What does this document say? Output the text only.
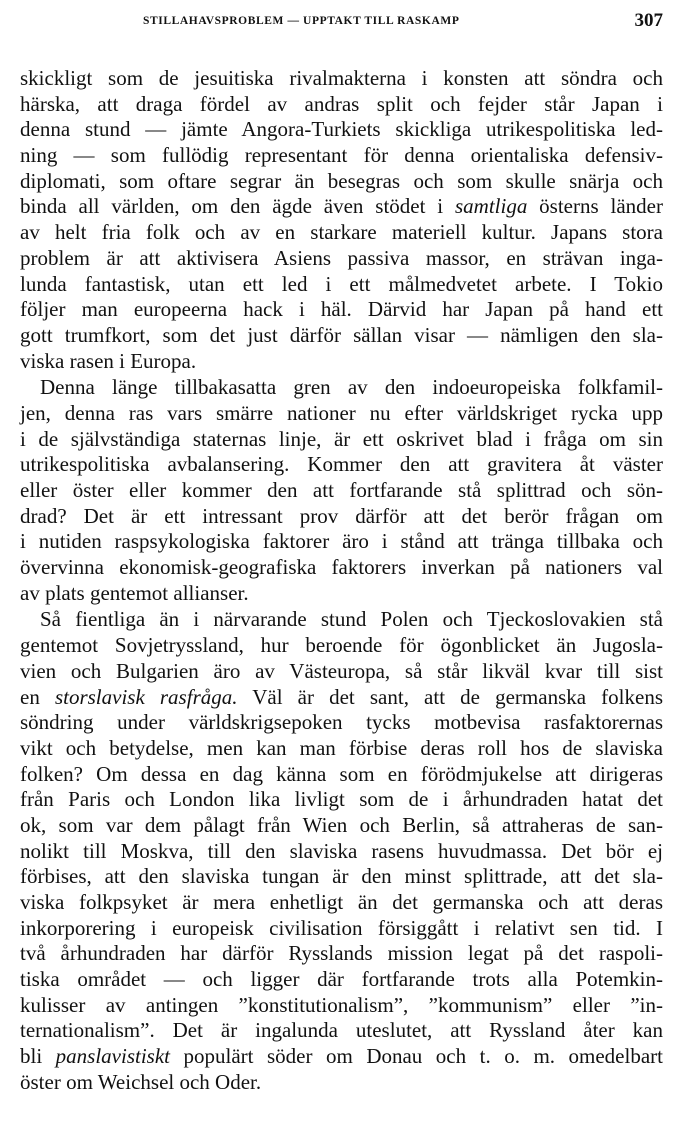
STILLAHAVSPROBLEM — UPPTAKT TILL RASKAMP	307
skickligt som de jesuitiska rivalmakterna i konsten att söndra och
härska, att draga fördel av andras split och fejder står Japan i
denna stund — jämte Angora-Turkiets skickliga utrikespolitiska led-
ning — som fullödig representant för denna orientaliska defensiv-
diplomati, som oftare segrar än besegras och som skulle snärja och
binda all världen, om den ägde även stödet i samtliga österns länder
av helt fria folk och av en starkare materiell kultur. Japans stora
problem är att aktivisera Asiens passiva massor, en strävan inga-
lunda fantastisk, utan ett led i ett målmedvetet arbete. I Tokio
följer man europeerna hack i häl. Därvid har Japan på hand ett
gott trumfkort, som det just därför sällan visar — nämligen den sla-
viska rasen i Europa.
Denna länge tillbakasatta gren av den indoeuropeiska folkfamil-
jen, denna ras vars smärre nationer nu efter världskriget rycka upp
i de självständiga staternas linje, är ett oskrivet blad i fråga om sin
utrikespolitiska avbalansering. Kommer den att gravitera åt väster
eller öster eller kommer den att fortfarande stå splittrad och sön-
drad? Det är ett intressant prov därför att det berör frågan om
i nutiden raspsykologiska faktorer äro i stånd att tränga tillbaka och
övervinna ekonomisk-geografiska faktorers inverkan på nationers val
av plats gentemot allianser.
Så fientliga än i närvarande stund Polen och Tjeckoslovakien stå
gentemot Sovjetryssland, hur beroende för ögonblicket än Jugosla-
vien och Bulgarien äro av Västeuropa, så står likväl kvar till sist
en storslavisk rasfråga. Väl är det sant, att de germanska folkens
söndring under världskrigsepoken tycks motbevisa rasfaktorernas
vikt och betydelse, men kan man förbise deras roll hos de slaviska
folken? Om dessa en dag känna som en förödmjukelse att dirigeras
från Paris och London lika livligt som de i århundraden hatat det
ok, som var dem pålagt från Wien och Berlin, så attraheras de san-
nolikt till Moskva, till den slaviska rasens huvudmassa. Det bör ej
förbises, att den slaviska tungan är den minst splittrade, att det sla-
viska folkpsyket är mera enhetligt än det germanska och att deras
inkorporering i europeisk civilisation försiggått i relativt sen tid. I
två århundraden har därför Rysslands mission legat på det raspoli-
tiska området — och ligger där fortfarande trots alla Potemkin-
kulisser av antingen ”konstitutionalism”, ”kommunism” eller ”in-
ternationalism”. Det är ingalunda uteslutet, att Ryssland åter kan
bli panslavistiskt populärt söder om Donau och t. o. m. omedelbart
öster om Weichsel och Oder.
